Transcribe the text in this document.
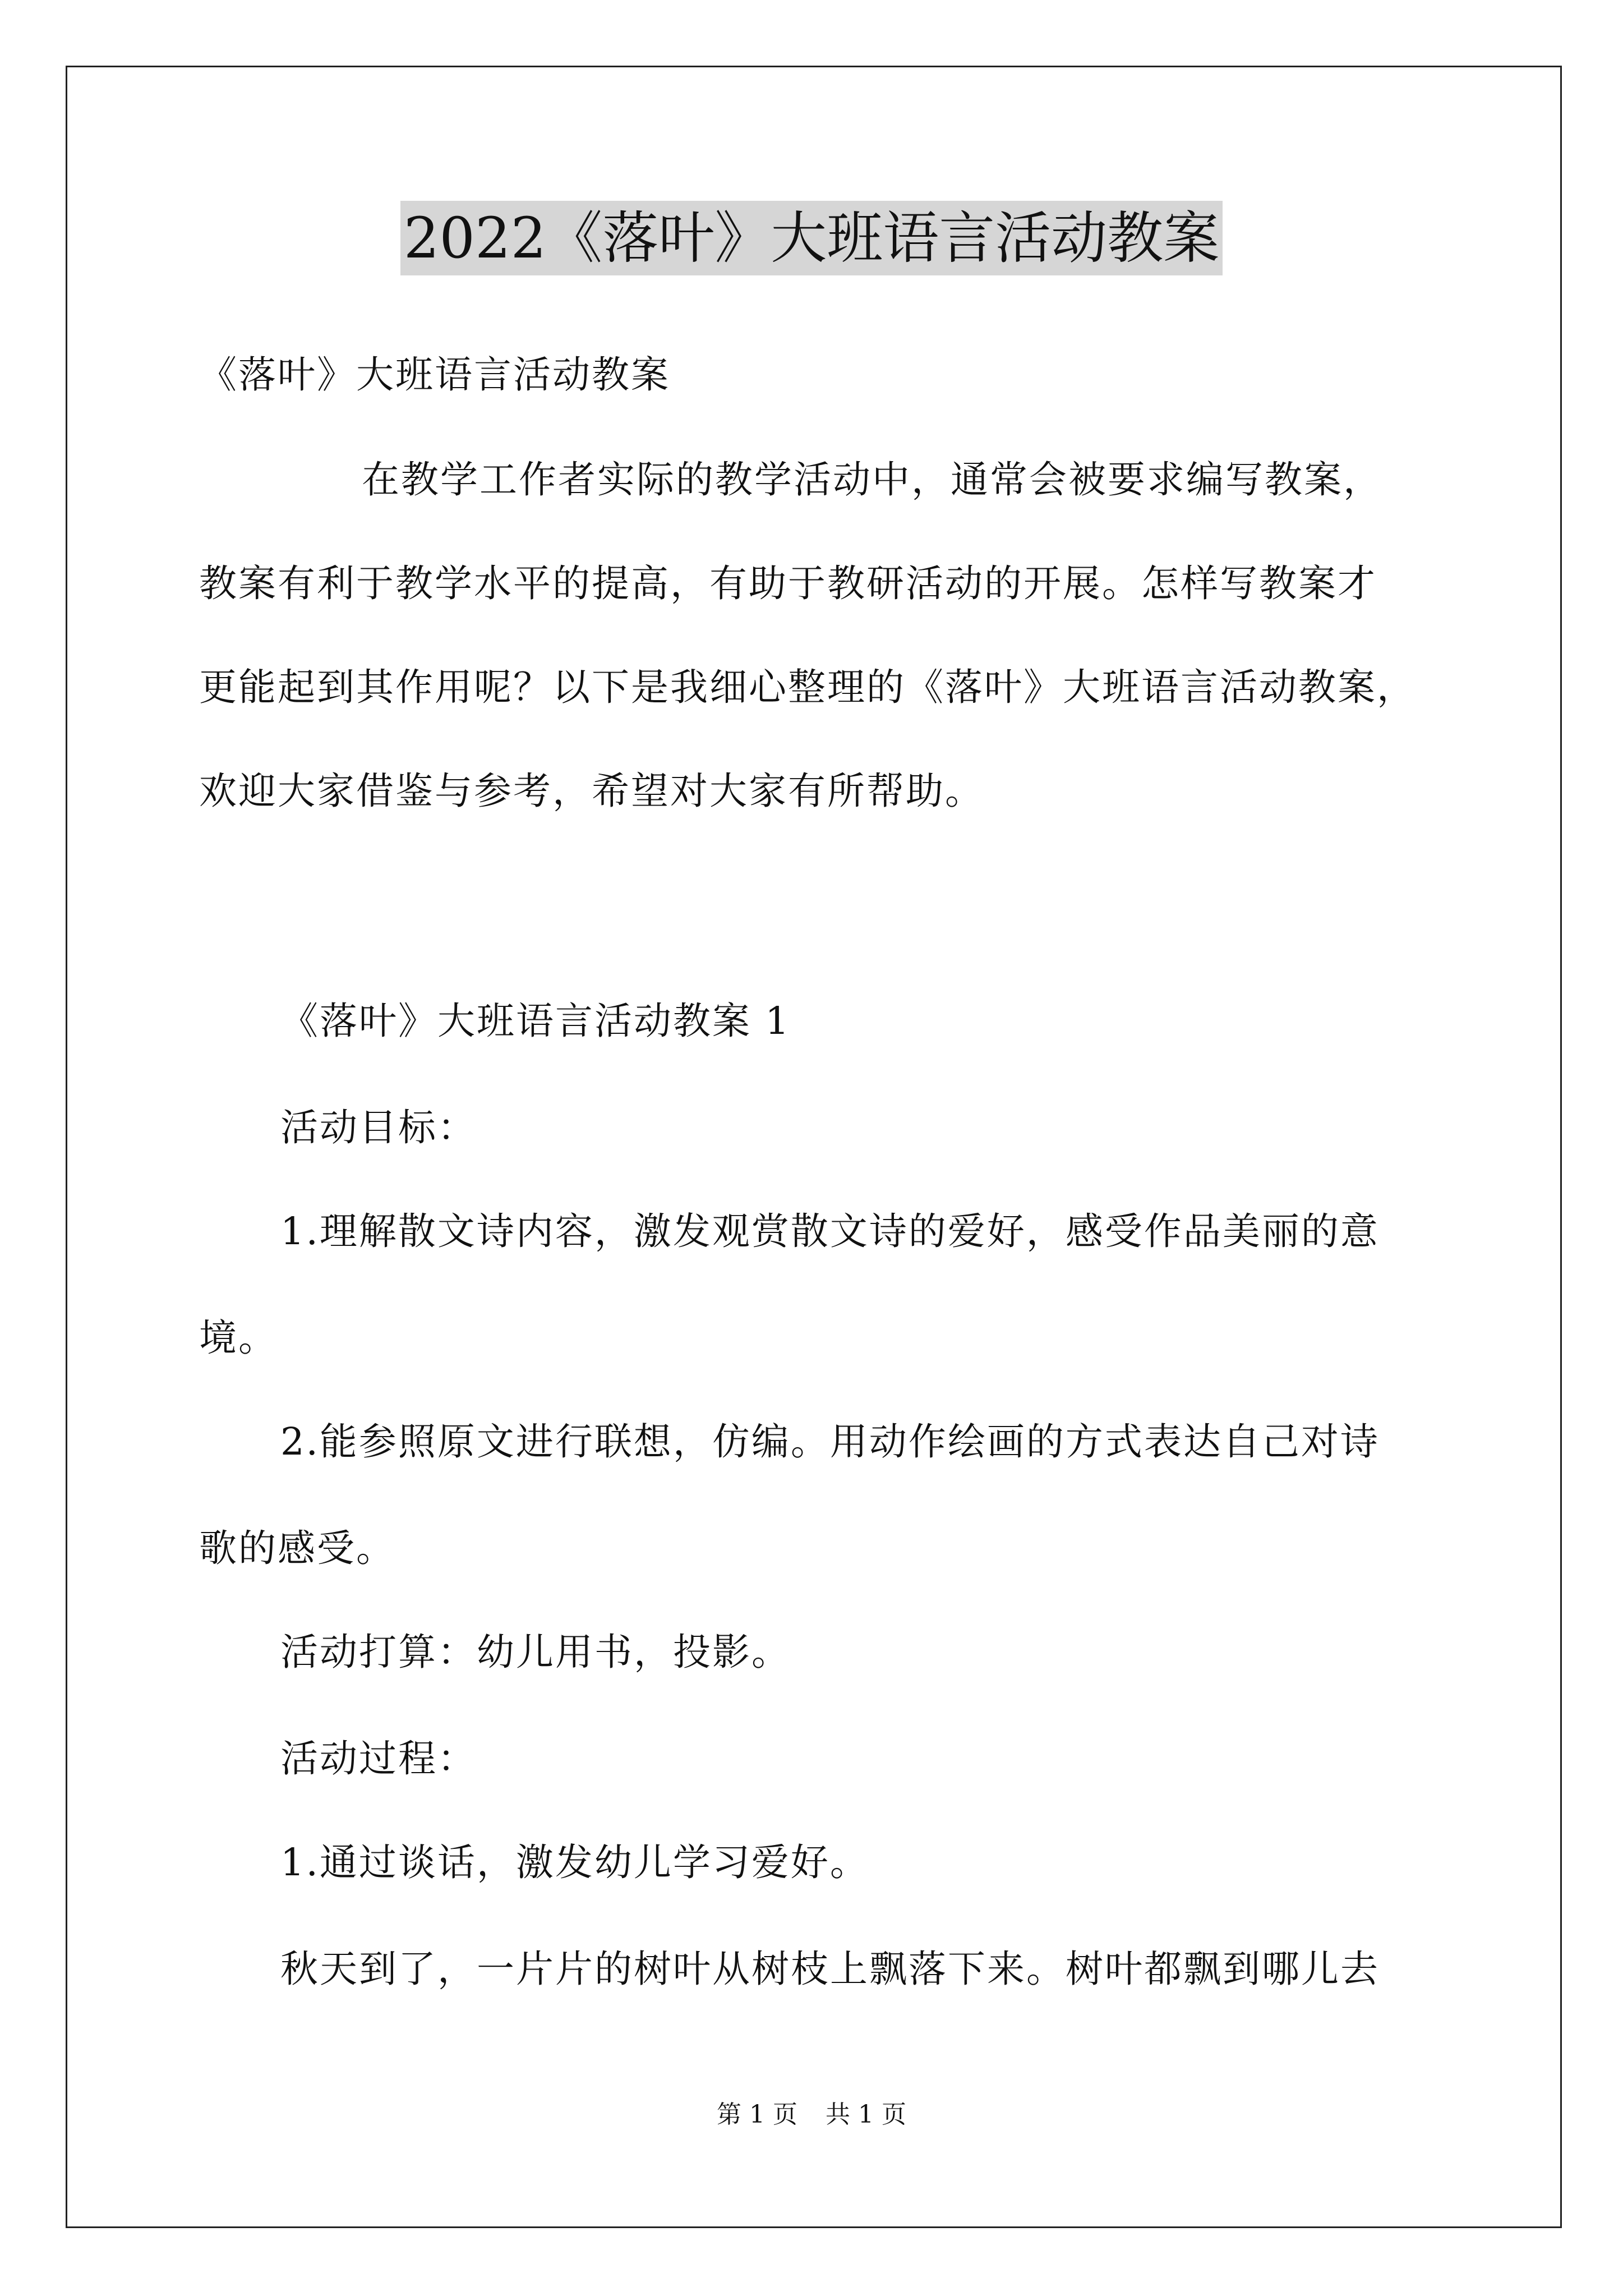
2022《落叶》大班语言活动教案
《落叶》大班语言活动教案
在教学工作者实际的教学活动中，通常会被要求编写教案，
教案有利于教学水平的提高，有助于教研活动的开展。怎样写教案才
更能起到其作用呢？以下是我细心整理的《落叶》大班语言活动教案，
欢迎大家借鉴与参考，希望对大家有所帮助。
《落叶》大班语言活动教案 1
活动目标：
1.理解散文诗内容，激发观赏散文诗的爱好，感受作品美丽的意
境。
2.能参照原文进行联想，仿编。用动作绘画的方式表达自己对诗
歌的感受。
活动打算：幼儿用书，投影。
活动过程：
1.通过谈话，激发幼儿学习爱好。
秋天到了，一片片的树叶从树枝上飘落下来。树叶都飘到哪儿去
第 1 页 共 1 页
